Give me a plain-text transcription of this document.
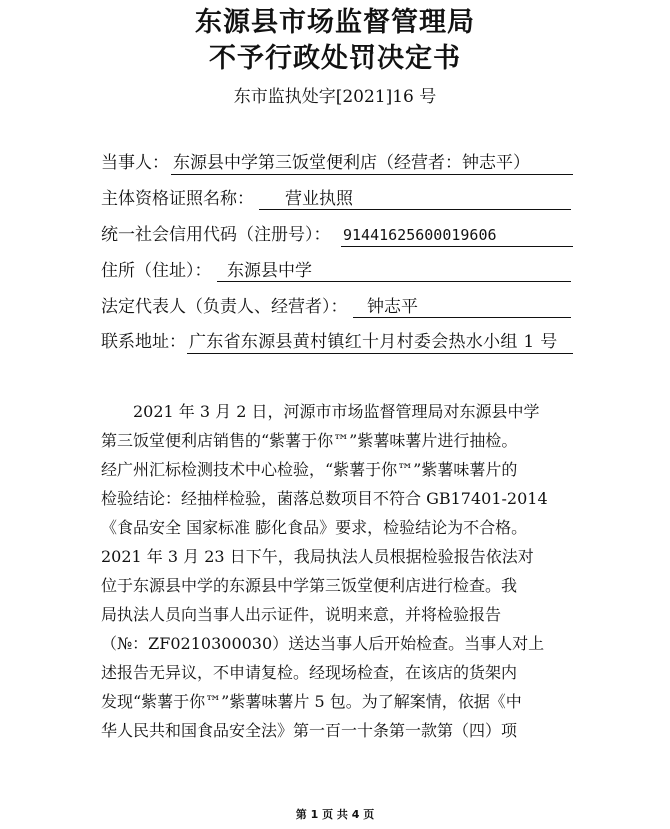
东源县市场监督管理局
不予行政处罚决定书
东市监执处字[2021]16 号
当事人： 东源县中学第三饭堂便利店（经营者：钟志平）
主体资格证照名称：	营业执照
统一社会信用代码（注册号）： 91441625600019606
住所（住址）： 东源县中学
法定代表人（负责人、经营者）：	钟志平
联系地址： 广东省东源县黄村镇红十月村委会热水小组 1 号
2021 年 3 月 2 日，河源市市场监督管理局对东源县中学
第三饭堂便利店销售的“紫薯于你™”紫薯味薯片进行抽检。
经广州汇标检测技术中心检验，“紫薯于你™”紫薯味薯片的
检验结论：经抽样检验，菌落总数项目不符合 GB17401-2014
《食品安全 国家标准 膨化食品》要求，检验结论为不合格。
2021 年 3 月 23 日下午，我局执法人员根据检验报告依法对
位于东源县中学的东源县中学第三饭堂便利店进行检查。我
局执法人员向当事人出示证件，说明来意，并将检验报告
（№：ZF0210300030）送达当事人后开始检查。当事人对上
述报告无异议，不申请复检。经现场检查，在该店的货架内
发现“紫薯于你™”紫薯味薯片 5 包。为了解案情，依据《中
华人民共和国食品安全法》第一百一十条第一款第（四）项
第 1 页 共 4 页
